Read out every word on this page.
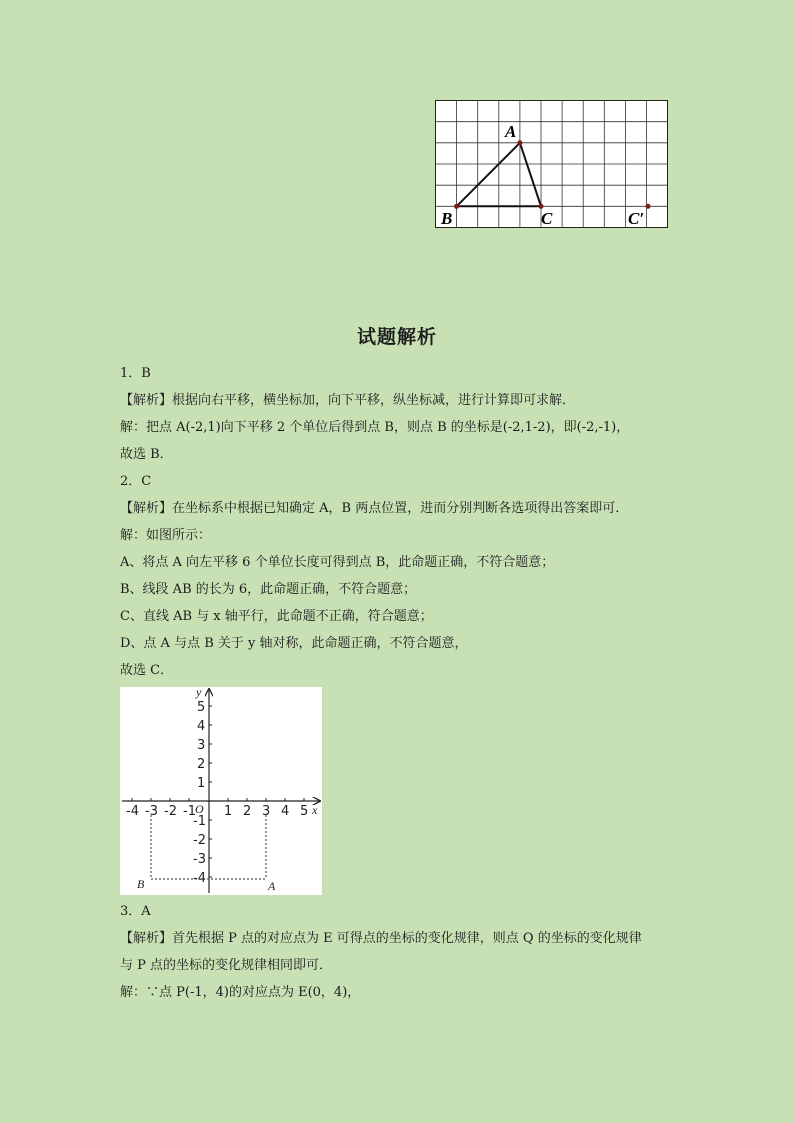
A
B	C	C′
试题解析
1．B
【解析】根据向右平移，横坐标加，向下平移，纵坐标减，进行计算即可求解．
解：把点 A(-2,1)向下平移 2 个单位后得到点 B，则点 B 的坐标是(-2,1-2)，即(-2,-1)，
故选 B．
2．C
【解析】在坐标系中根据已知确定 A，B 两点位置，进而分别判断各选项得出答案即可．
解：如图所示：
A、将点 A 向左平移 6 个单位长度可得到点 B，此命题正确，不符合题意；
B、线段 AB 的长为 6，此命题正确，不符合题意；
C、直线 AB 与 x 轴平行，此命题不正确，符合题意；
D、点 A 与点 B 关于 y 轴对称，此命题正确，不符合题意，
故选 C．
-4 -3 -2 -1 1 2 3 4 5
5
4
3
2
1
-1
-2
-3
-4
O	x
y
B	A
3．A
【解析】首先根据 P 点的对应点为 E 可得点的坐标的变化规律，则点 Q 的坐标的变化规律
与 P 点的坐标的变化规律相同即可．
解：∵点 P(-1，4)的对应点为 E(0，4)，
